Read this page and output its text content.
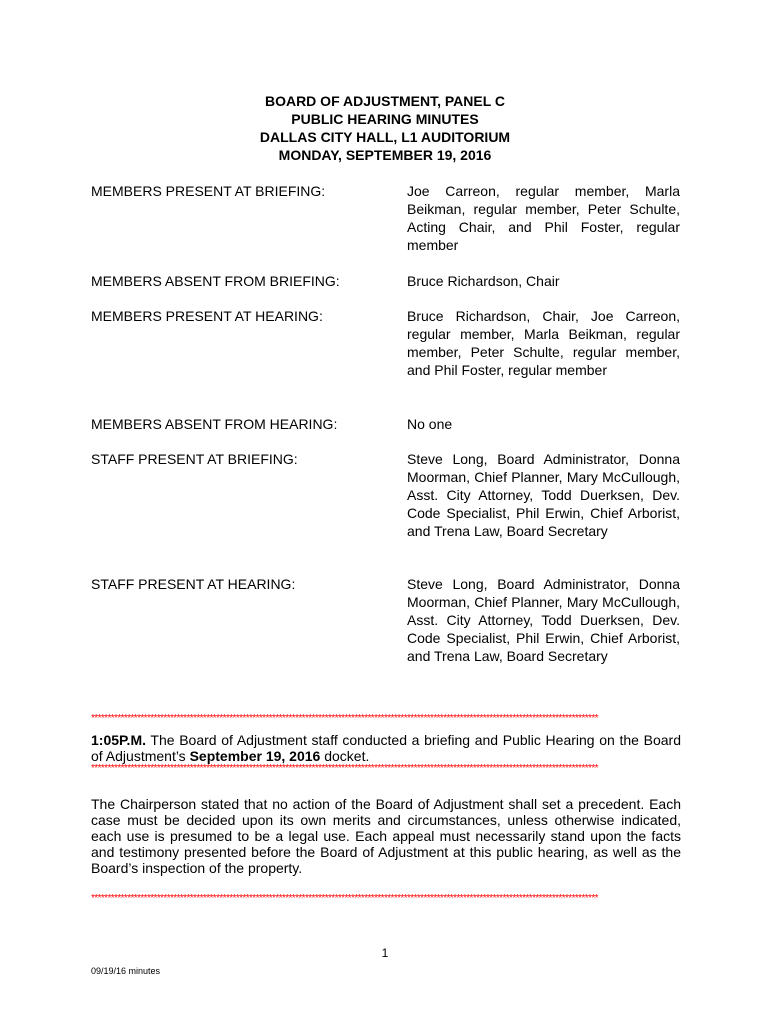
BOARD OF ADJUSTMENT, PANEL C
PUBLIC HEARING MINUTES
DALLAS CITY HALL, L1 AUDITORIUM
MONDAY, SEPTEMBER 19, 2016
MEMBERS PRESENT AT BRIEFING:	Joe Carreon, regular member, Marla Beikman, regular member, Peter Schulte, Acting Chair, and Phil Foster, regular member
MEMBERS ABSENT FROM BRIEFING:	Bruce Richardson, Chair
MEMBERS PRESENT AT HEARING:	Bruce Richardson, Chair, Joe Carreon, regular member, Marla Beikman, regular member, Peter Schulte, regular member, and Phil Foster, regular member
MEMBERS ABSENT FROM HEARING:	No one
STAFF PRESENT AT BRIEFING:	Steve Long, Board Administrator, Donna Moorman, Chief Planner, Mary McCullough, Asst. City Attorney, Todd Duerksen, Dev. Code Specialist, Phil Erwin, Chief Arborist, and Trena Law, Board Secretary
STAFF PRESENT AT HEARING:	Steve Long, Board Administrator, Donna Moorman, Chief Planner, Mary McCullough, Asst. City Attorney, Todd Duerksen, Dev. Code Specialist, Phil Erwin, Chief Arborist, and Trena Law, Board Secretary
**********************************************************************************************************************************************************
1:05P.M. The Board of Adjustment staff conducted a briefing and Public Hearing on the Board of Adjustment’s September 19, 2016 docket.
**********************************************************************************************************************************************************
The Chairperson stated that no action of the Board of Adjustment shall set a precedent. Each case must be decided upon its own merits and circumstances, unless otherwise indicated, each use is presumed to be a legal use. Each appeal must necessarily stand upon the facts and testimony presented before the Board of Adjustment at this public hearing, as well as the Board’s inspection of the property.
**********************************************************************************************************************************************************
1
09/19/16 minutes
